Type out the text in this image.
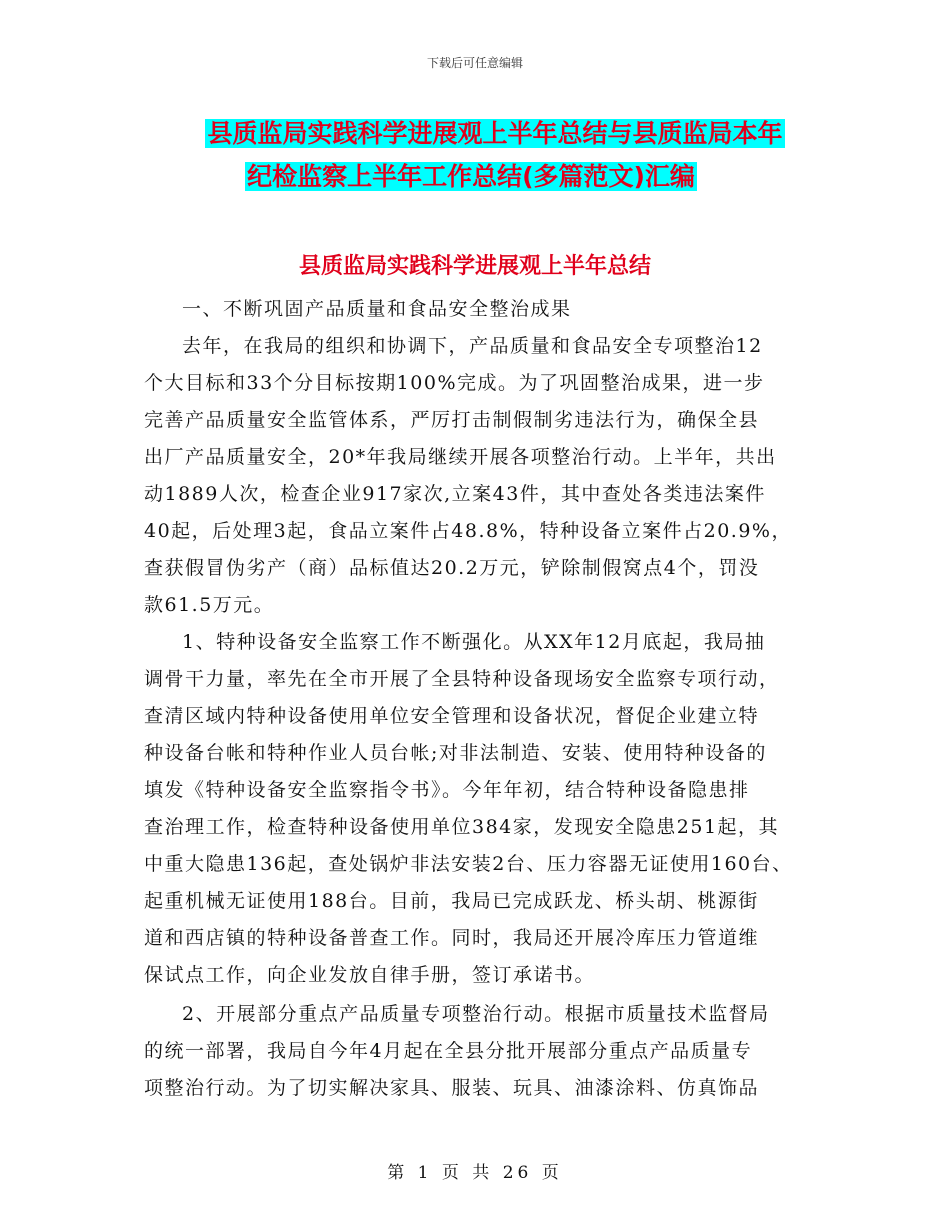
下载后可任意编辑
县质监局实践科学进展观上半年总结与县质监局本年
纪检监察上半年工作总结(多篇范文)汇编
县质监局实践科学进展观上半年总结
一、不断巩固产品质量和食品安全整治成果
去年，在我局的组织和协调下，产品质量和食品安全专项整治12
个大目标和33个分目标按期100%完成。为了巩固整治成果，进一步
完善产品质量安全监管体系，严厉打击制假制劣违法行为，确保全县
出厂产品质量安全，20*年我局继续开展各项整治行动。上半年，共出
动1889人次，检查企业917家次,立案43件，其中查处各类违法案件
40起，后处理3起，食品立案件占48.8%，特种设备立案件占20.9%，
查获假冒伪劣产（商）品标值达20.2万元，铲除制假窝点4个，罚没
款61.5万元。
1、特种设备安全监察工作不断强化。从XX年12月底起，我局抽
调骨干力量，率先在全市开展了全县特种设备现场安全监察专项行动，
查清区域内特种设备使用单位安全管理和设备状况，督促企业建立特
种设备台帐和特种作业人员台帐;对非法制造、安装、使用特种设备的
填发《特种设备安全监察指令书》。今年年初，结合特种设备隐患排
查治理工作，检查特种设备使用单位384家，发现安全隐患251起，其
中重大隐患136起，查处锅炉非法安装2台、压力容器无证使用160台、
起重机械无证使用188台。目前，我局已完成跃龙、桥头胡、桃源街
道和西店镇的特种设备普查工作。同时，我局还开展冷库压力管道维
保试点工作，向企业发放自律手册，签订承诺书。
2、开展部分重点产品质量专项整治行动。根据市质量技术监督局
的统一部署，我局自今年4月起在全县分批开展部分重点产品质量专
项整治行动。为了切实解决家具、服装、玩具、油漆涂料、仿真饰品
第 1 页 共 26 页
